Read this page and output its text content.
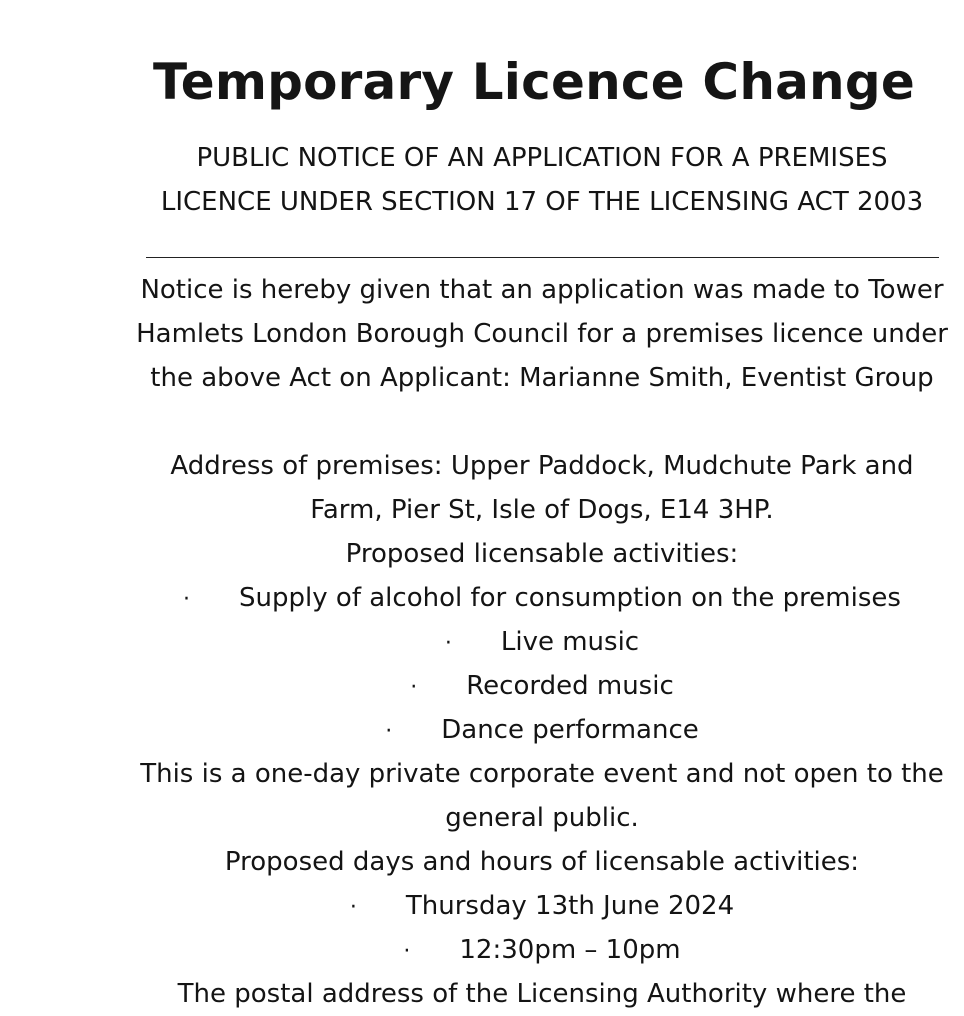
Temporary Licence Change
PUBLIC NOTICE OF AN APPLICATION FOR A PREMISES
LICENCE UNDER SECTION 17 OF THE LICENSING ACT 2003
Notice is hereby given that an application was made to Tower
Hamlets London Borough Council for a premises licence under
the above Act on Applicant: Marianne Smith, Eventist Group
Address of premises: Upper Paddock, Mudchute Park and
Farm, Pier St, Isle of Dogs, E14 3HP.
Proposed licensable activities:
· Supply of alcohol for consumption on the premises
· Live music
· Recorded music
· Dance performance
This is a one-day private corporate event and not open to the
general public.
Proposed days and hours of licensable activities:
· Thursday 13th June 2024
· 12:30pm – 10pm
The postal address of the Licensing Authority where the
